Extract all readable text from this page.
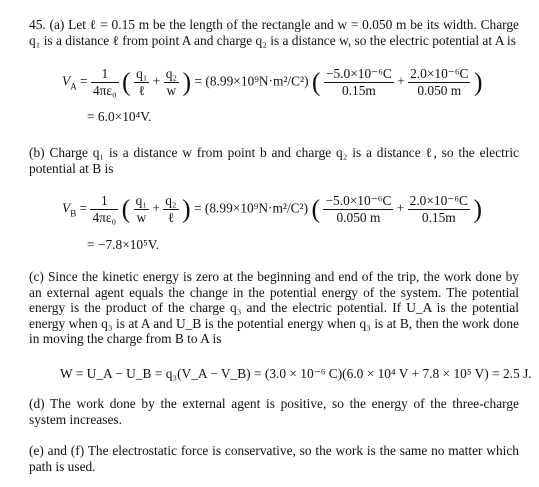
45. (a) Let ℓ = 0.15 m be the length of the rectangle and w = 0.050 m be its width. Charge q₁ is a distance ℓ from point A and charge q₂ is a distance w, so the electric potential at A is
$V_A = \frac{1}{\text{4πε₀}}$ ( $\frac{\text{q₁}}{\text{ℓ}} + \frac{\text{q₂}}{w}$ ) = (8.99×10⁹N·m²/C²) ( $\frac{\text{−5.0×10⁻⁶C}}{0.15m} + \frac{\text{2.0×10⁻⁶C}}{0.050 m}$ )
= 6.0×10⁴V.
(b) Charge q₁ is a distance w from point b and charge q₂ is a distance ℓ, so the electric potential at B is
$V_B = \frac{1}{\text{4πε₀}}$ ( $\frac{\text{q₁}}{w} + \frac{\text{q₂}}{\text{ℓ}}$ ) = (8.99×10⁹N·m²/C²) ( $\frac{\text{−5.0×10⁻⁶C}}{0.050 m} + \frac{\text{2.0×10⁻⁶C}}{0.15m}$ )
= −7.8×10⁵V.
(c) Since the kinetic energy is zero at the beginning and end of the trip, the work done by an external agent equals the change in the potential energy of the system. The potential energy is the product of the charge q₃ and the electric potential. If U_A is the potential energy when q₃ is at A and U_B is the potential energy when q₃ is at B, then the work done in moving the charge from B to A is
W = U_A − U_B = q₃(V_A − V_B) = (3.0 × 10⁻⁶ C)(6.0 × 10⁴ V + 7.8 × 10⁵ V) = 2.5 J.
(d) The work done by the external agent is positive, so the energy of the three-charge system increases.
(e) and (f) The electrostatic force is conservative, so the work is the same no matter which path is used.
